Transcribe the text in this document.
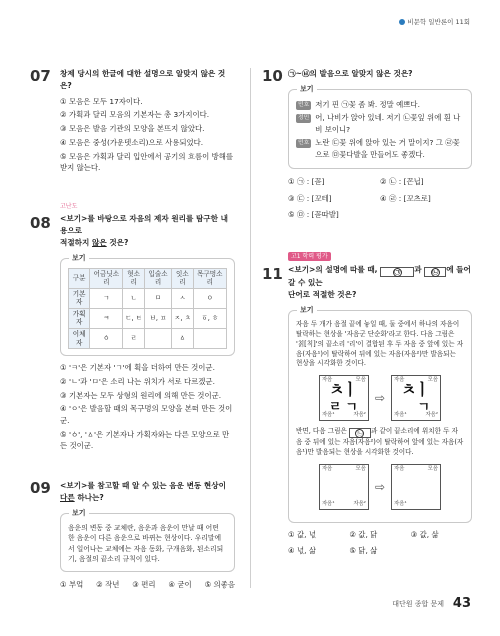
비문학 일반론이 11회
07 창제 당시의 한글에 대한 설명으로 알맞지 않은 것은?
① 모음은 모두 17자이다.
② 가획과 달리 모음의 기본자는 총 3가지이다.
③ 모음은 발음 기관의 모양을 본뜨지 않았다.
④ 모음은 중성(가운뎃소리)으로 사용되었다.
⑤ 모음은 가획과 달리 입안에서 공기의 흐름이 방해를 받지 않는다.
고난도
08 <보기>를 바탕으로 자음의 제자 원리를 탐구한 내용으로
적절하지 않은 것은?
보기
구분	어금닛소리	혓소리	입술소리	잇소리	목구멍소리
기본자	ㄱ	ㄴ	ㅁ	ㅅ	ㅇ
가획자	ㅋ	ㄷ, ㅌ	ㅂ, ㅍ	ㅈ, ㅊ	ㆆ, ㅎ
이체자	ㆁ	ㄹ		ㅿ	
① 'ㅋ'은 기본자 'ㄱ'에 획을 더하여 만든 것이군.
② 'ㄴ'과 'ㅁ'은 소리 나는 위치가 서로 다르겠군.
③ 기본자는 모두 상형의 원리에 의해 만든 것이군.
④ 'ㅇ'은 발음할 때의 목구멍의 모양을 본떠 만든 것이군.
⑤ 'ㆁ', 'ㅿ'은 기본자나 가획자와는 다른 모양으로 만든 것이군.
09 <보기>를 참고할 때 알 수 있는 음운 변동 현상이 다른 하나는?
보기
음운의 변동 중 교체란, 음운과 음운이 만날 때 어떤 한 음운이 다른 음운으로 바뀌는 현상이다. 우리말에서 일어나는 교체에는 자음 동화, 구개음화, 된소리되기, 음절의 끝소리 규칙이 있다.
① 부엌 ② 작년 ③ 편리 ④ 굳이 ⑤ 의좋음
10 ㉠~㉥의 발음으로 알맞지 않은 것은?
보기
민호 저기 핀 ㉠꽃 좀 봐. 정말 예쁘다.
정민 어, 나비가 앉아 있네. 저기 ㉡꽃잎 위에 흰 나비 보이니?
민호 노란 ㉢꽃 위에 앉아 있는 거 말이지? 그 ㉣꽃으로 ㉤꽃다발을 만들어도 좋겠다.
① ㉠ : [꼳]	② ㉡ : [꼰닙]
③ ㉢ : [꼬테]	④ ㉣ : [꼬츠로]
⑤ ㉤ : [꼳따발]
고1 학력 평가
11 <보기>의 설명에 따를 때, ㉠ 과 ㉡ 에 들어갈 수 있는
단어로 적절한 것은?
보기
자음 두 개가 음절 끝에 놓일 때, 둘 중에서 하나의 자음이 탈락하는 현상을 '자음군 단순화'라고 한다. 다음 그림은 '칡[칙]'의 끝소리 '리'이 결합된 후 두 자음 중 앞에 있는 자음(자음¹)이 탈락하여 뒤에 있는 자음(자음²)만 발음되는 현상을 시각화한 것이다.
자음	모음
ㅊ
ㅣ
자음¹	자음²
ㄹ ㄱ
⇨
자음	모음
ㅊ
ㅣ
자음¹	자음²
ㄱ
반면, 다음 그림은 ㉡ 과 같이 끝소리에 위치한 두 자음 중 뒤에 있는 자음(자음²)이 탈락하여 앞에 있는 자음(자음¹)만 발음되는 현상을 시각화한 것이다.
자음	모음
자음¹	자음²
⇨
자음	모음
자음¹
① 값, 넋	② 값, 닭	③ 값, 삶
④ 넋, 삶	⑤ 닭, 삶
대단원 종합 문제 43
